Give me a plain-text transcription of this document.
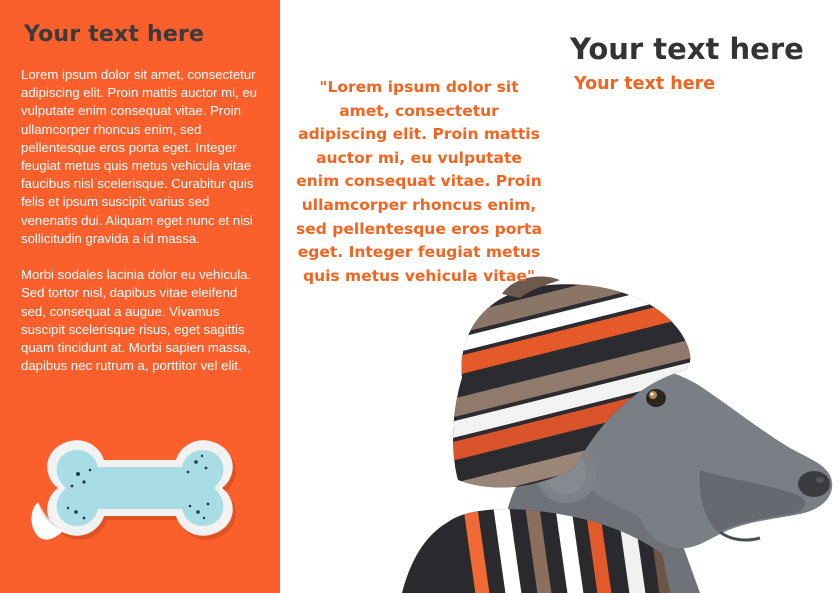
Your text here

Lorem ipsum dolor sit amet, consectetur adipiscing elit. Proin mattis auctor mi, eu vulputate enim consequat vitae. Proin ullamcorper rhoncus enim, sed pellentesque eros porta eget. Integer feugiat metus quis metus vehicula vitae faucibus nisl scelerisque. Curabitur quis felis et ipsum suscipit varius sed venenatis dui. Aliquam eget nunc et nisi sollicitudin gravida a id massa.

Morbi sodales lacinia dolor eu vehicula. Sed tortor nisl, dapibus vitae eleifend sed, consequat a augue. Vivamus suscipit scelerisque risus, eget sagittis quam tincidunt at. Morbi sapien massa, dapibus nec rutrum a, porttitor vel elit.

"Lorem ipsum dolor sit amet, consectetur adipiscing elit. Proin mattis auctor mi, eu vulputate enim consequat vitae. Proin ullamcorper rhoncus enim, sed pellentesque eros porta eget. Integer feugiat metus quis metus vehicula vitae"
Your text here
Your text here
